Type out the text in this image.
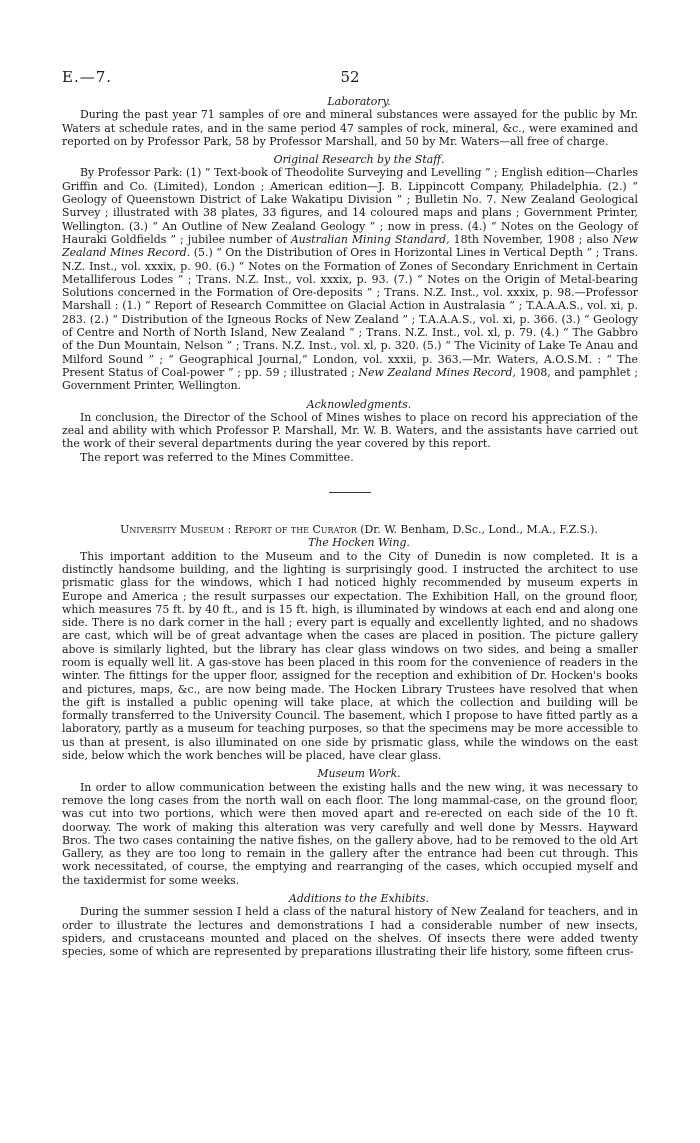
E.—7.	52

Laboratory.

During the past year 71 samples of ore and mineral substances were assayed for the public by Mr. Waters at schedule rates, and in the same period 47 samples of rock, mineral, &c., were examined and reported on by Professor Park, 58 by Professor Marshall, and 50 by Mr. Waters—all free of charge.

Original Research by the Staff.

By Professor Park: (1) “ Text-book of Theodolite Surveying and Levelling ” ; English edition—Charles Griffin and Co. (Limited), London ; American edition—J. B. Lippincott Company, Philadelphia. (2.) “ Geology of Queenstown District of Lake Wakatipu Division ” ; Bulletin No. 7. New Zealand Geological Survey ; illustrated with 38 plates, 33 figures, and 14 coloured maps and plans ; Government Printer, Wellington. (3.) “ An Outline of New Zealand Geology ” ; now in press. (4.) “ Notes on the Geology of Hauraki Goldfields ” ; jubilee number of Australian Mining Standard, 18th November, 1908 ; also New Zealand Mines Record. (5.) “ On the Distribution of Ores in Horizontal Lines in Vertical Depth ” ; Trans. N.Z. Inst., vol. xxxix, p. 90. (6.) “ Notes on the Formation of Zones of Secondary Enrichment in Certain Metalliferous Lodes ” ; Trans. N.Z. Inst., vol. xxxix, p. 93. (7.) “ Notes on the Origin of Metal-bearing Solutions concerned in the Formation of Ore-deposits ” ; Trans. N.Z. Inst., vol. xxxix, p. 98.—Professor Marshall : (1.) “ Report of Research Committee on Glacial Action in Australasia ” ; T.A.A.A.S., vol. xi, p. 283. (2.) “ Distribution of the Igneous Rocks of New Zealand ” ; T.A.A.A.S., vol. xi, p. 366. (3.) “ Geology of Centre and North of North Island, New Zealand ” ; Trans. N.Z. Inst., vol. xl, p. 79. (4.) “ The Gabbro of the Dun Mountain, Nelson ” ; Trans. N.Z. Inst., vol. xl, p. 320. (5.) “ The Vicinity of Lake Te Anau and Milford Sound ” ; “ Geographical Journal,” London, vol. xxxii, p. 363.—Mr. Waters, A.O.S.M. : “ The Present Status of Coal-power ” ; pp. 59 ; illustrated ; New Zealand Mines Record, 1908, and pamphlet ; Government Printer, Wellington.

Acknowledgments.

In conclusion, the Director of the School of Mines wishes to place on record his appreciation of the zeal and ability with which Professor P. Marshall, Mr. W. B. Waters, and the assistants have carried out the work of their several departments during the year covered by this report.

The report was referred to the Mines Committee.

University Museum : Report of the Curator (Dr. W. Benham, D.Sc., Lond., M.A., F.Z.S.).

The Hocken Wing.

This important addition to the Museum and to the City of Dunedin is now completed. It is a distinctly handsome building, and the lighting is surprisingly good. I instructed the architect to use prismatic glass for the windows, which I had noticed highly recommended by museum experts in Europe and America ; the result surpasses our expectation. The Exhibition Hall, on the ground floor, which measures 75 ft. by 40 ft., and is 15 ft. high, is illuminated by windows at each end and along one side. There is no dark corner in the hall ; every part is equally and excellently lighted, and no shadows are cast, which will be of great advantage when the cases are placed in position. The picture gallery above is similarly lighted, but the library has clear glass windows on two sides, and being a smaller room is equally well lit. A gas-stove has been placed in this room for the convenience of readers in the winter. The fittings for the upper floor, assigned for the reception and exhibition of Dr. Hocken's books and pictures, maps, &c., are now being made. The Hocken Library Trustees have resolved that when the gift is installed a public opening will take place, at which the collection and building will be formally transferred to the University Council. The basement, which I propose to have fitted partly as a laboratory, partly as a museum for teaching purposes, so that the specimens may be more accessible to us than at present, is also illuminated on one side by prismatic glass, while the windows on the east side, below which the work benches will be placed, have clear glass.

Museum Work.

In order to allow communication between the existing halls and the new wing, it was necessary to remove the long cases from the north wall on each floor. The long mammal-case, on the ground floor, was cut into two portions, which were then moved apart and re-erected on each side of the 10 ft. doorway. The work of making this alteration was very carefully and well done by Messrs. Hayward Bros. The two cases containing the native fishes, on the gallery above, had to be removed to the old Art Gallery, as they are too long to remain in the gallery after the entrance had been cut through. This work necessitated, of course, the emptying and rearranging of the cases, which occupied myself and the taxidermist for some weeks.

Additions to the Exhibits.

During the summer session I held a class of the natural history of New Zealand for teachers, and in order to illustrate the lectures and demonstrations I had a considerable number of new insects, spiders, and crustaceans mounted and placed on the shelves. Of insects there were added twenty species, some of which are represented by preparations illustrating their life history, some fifteen crus-
